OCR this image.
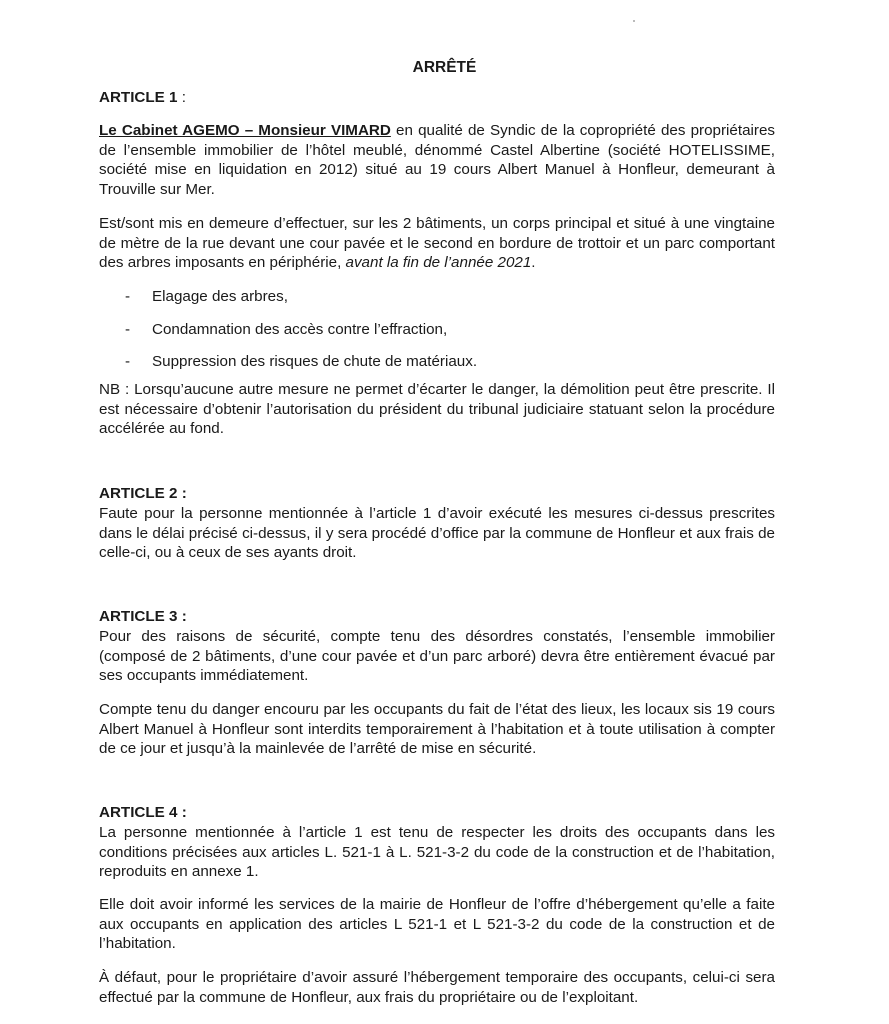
ARRÊTÉ

ARTICLE 1 :

Le Cabinet AGEMO – Monsieur VIMARD en qualité de Syndic de la copropriété des propriétaires de l’ensemble immobilier de l’hôtel meublé, dénommé Castel Albertine (société HOTELISSIME, société mise en liquidation en 2012) situé au 19 cours Albert Manuel à Honfleur, demeurant à Trouville sur Mer.

Est/sont mis en demeure d’effectuer, sur les 2 bâtiments, un corps principal et situé à une vingtaine de mètre de la rue devant une cour pavée et le second en bordure de trottoir et un parc comportant des arbres imposants en périphérie, avant la fin de l’année 2021.

- Elagage des arbres,
- Condamnation des accès contre l’effraction,
- Suppression des risques de chute de matériaux.

NB : Lorsqu’aucune autre mesure ne permet d’écarter le danger, la démolition peut être prescrite. Il est nécessaire d’obtenir l’autorisation du président du tribunal judiciaire statuant selon la procédure accélérée au fond.

ARTICLE 2 :

Faute pour la personne mentionnée à l’article 1 d’avoir exécuté les mesures ci-dessus prescrites dans le délai précisé ci-dessus, il y sera procédé d’office par la commune de Honfleur et aux frais de celle-ci, ou à ceux de ses ayants droit.

ARTICLE 3 :

Pour des raisons de sécurité, compte tenu des désordres constatés, l’ensemble immobilier (composé de 2 bâtiments, d’une cour pavée et d’un parc arboré) devra être entièrement évacué par ses occupants immédiatement.

Compte tenu du danger encouru par les occupants du fait de l’état des lieux, les locaux sis 19 cours Albert Manuel à Honfleur sont interdits temporairement à l’habitation et à toute utilisation à compter de ce jour et jusqu’à la mainlevée de l’arrêté de mise en sécurité.

ARTICLE 4 :

La personne mentionnée à l’article 1 est tenu de respecter les droits des occupants dans les conditions précisées aux articles L. 521-1 à L. 521-3-2 du code de la construction et de l’habitation, reproduits en annexe 1.

Elle doit avoir informé les services de la mairie de Honfleur de l’offre d’hébergement qu’elle a faite aux occupants en application des articles L 521-1 et L 521-3-2 du code de la construction et de l’habitation.

À défaut, pour le propriétaire d’avoir assuré l’hébergement temporaire des occupants, celui-ci sera effectué par la commune de Honfleur, aux frais du propriétaire ou de l’exploitant.
